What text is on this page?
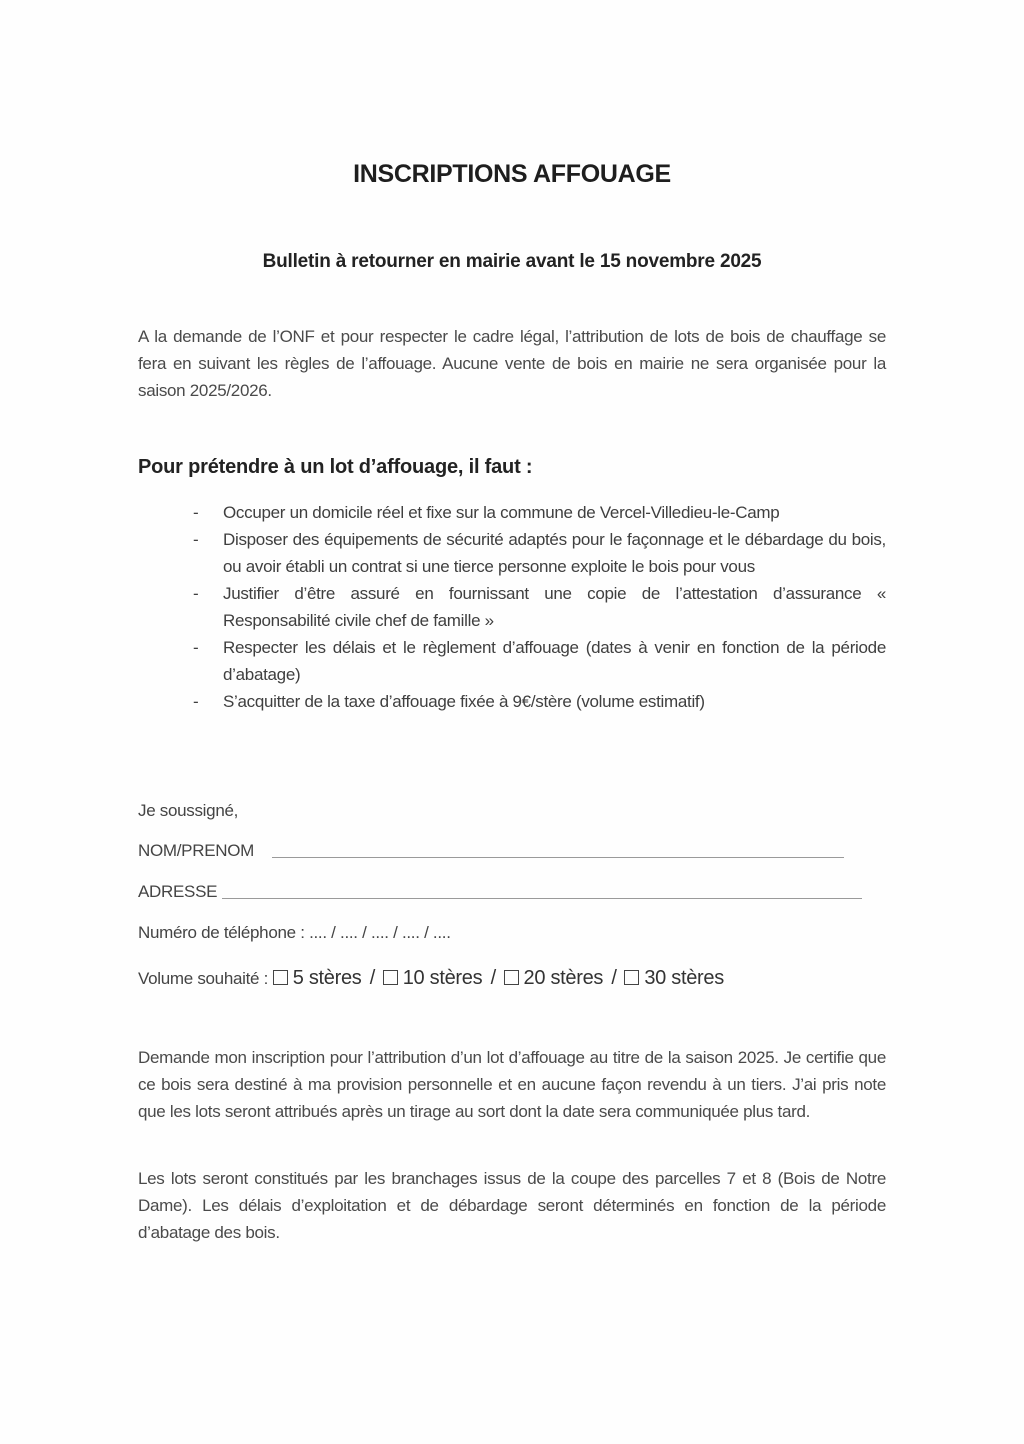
INSCRIPTIONS AFFOUAGE
Bulletin à retourner en mairie avant le 15 novembre 2025
A la demande de l’ONF et pour respecter le cadre légal, l’attribution de lots de bois de chauffage se fera en suivant les règles de l’affouage. Aucune vente de bois en mairie ne sera organisée pour la saison 2025/2026.
Pour prétendre à un lot d’affouage, il faut :
- Occuper un domicile réel et fixe sur la commune de Vercel-Villedieu-le-Camp
- Disposer des équipements de sécurité adaptés pour le façonnage et le débardage du bois, ou avoir établi un contrat si une tierce personne exploite le bois pour vous
- Justifier d’être assuré en fournissant une copie de l’attestation d’assurance « Responsabilité civile chef de famille »
- Respecter les délais et le règlement d’affouage (dates à venir en fonction de la période d’abatage)
- S’acquitter de la taxe d’affouage fixée à 9€/stère (volume estimatif)
Je soussigné,
NOM/PRENOM
ADRESSE
Numéro de téléphone : .... / .... / .... / .... / ....
Volume souhaité : 5 stères / 10 stères / 20 stères / 30 stères
Demande mon inscription pour l’attribution d’un lot d’affouage au titre de la saison 2025. Je certifie que ce bois sera destiné à ma provision personnelle et en aucune façon revendu à un tiers. J’ai pris note que les lots seront attribués après un tirage au sort dont la date sera communiquée plus tard.
Les lots seront constitués par les branchages issus de la coupe des parcelles 7 et 8 (Bois de Notre Dame). Les délais d’exploitation et de débardage seront déterminés en fonction de la période d’abatage des bois.
